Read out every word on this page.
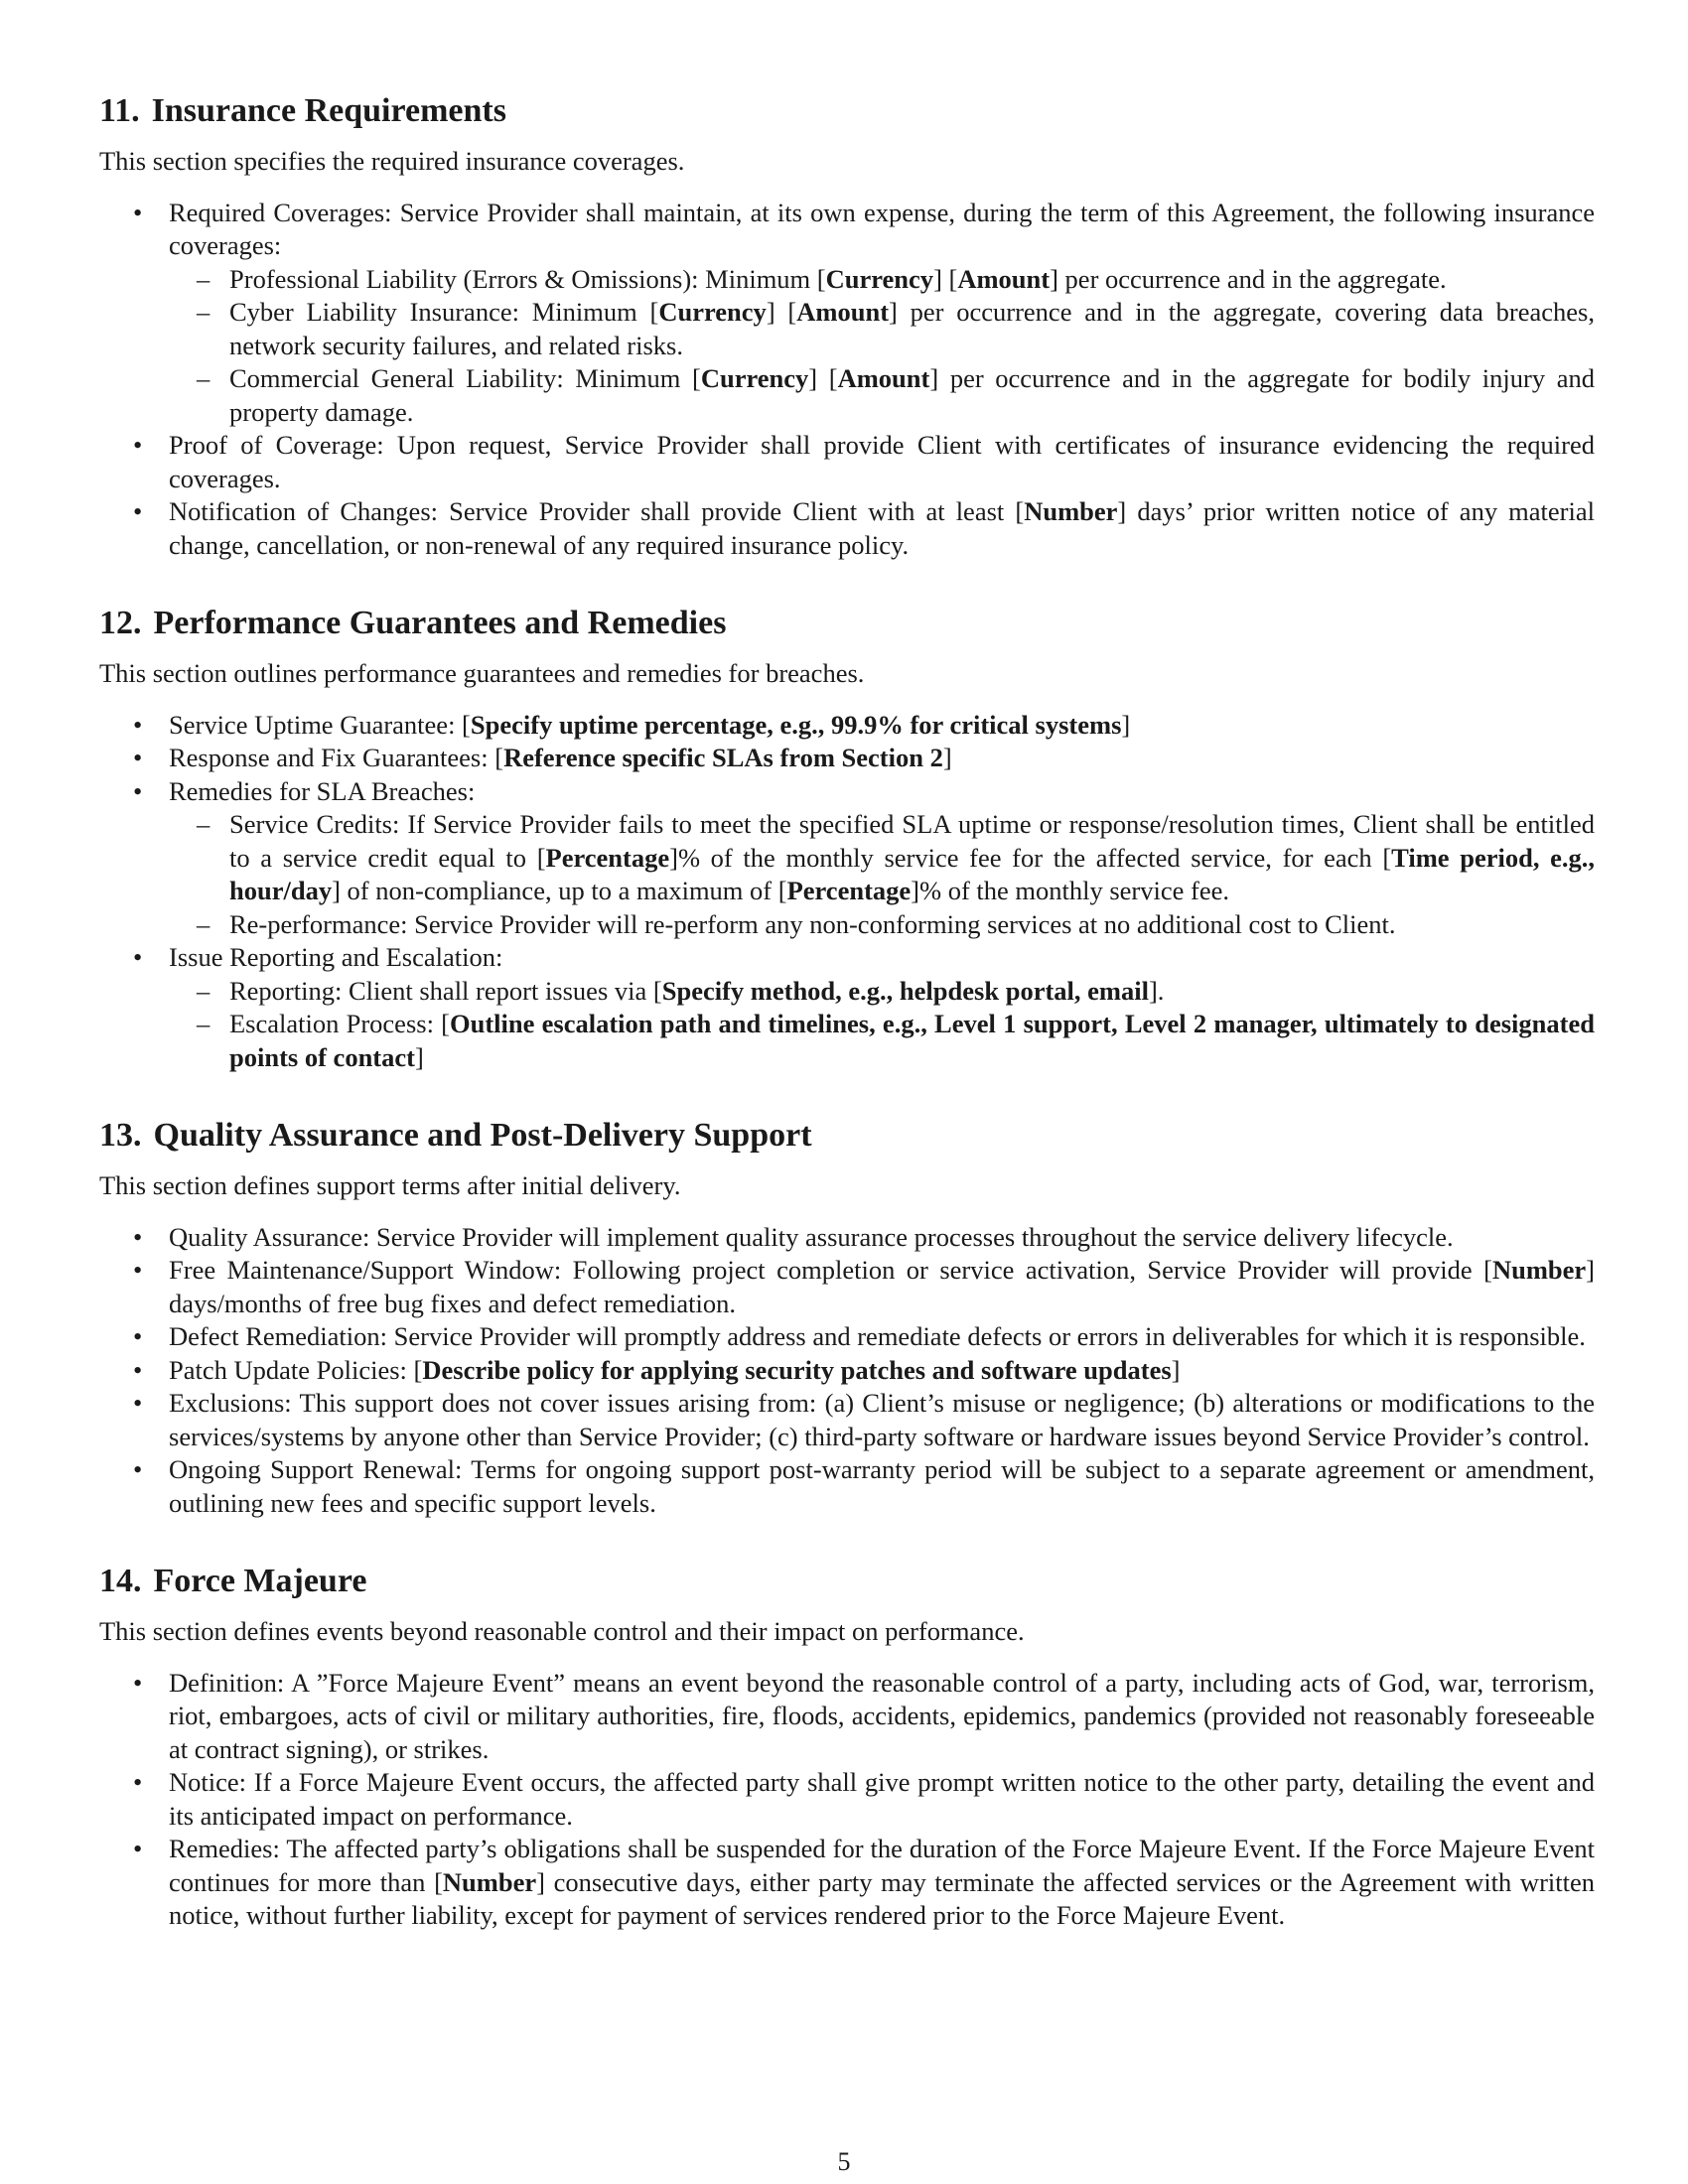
11. Insurance Requirements

This section specifies the required insurance coverages.

• Required Coverages: Service Provider shall maintain, at its own expense, during the term of this Agreement, the following insurance coverages:
– Professional Liability (Errors & Omissions): Minimum [Currency] [Amount] per occurrence and in the aggregate.
– Cyber Liability Insurance: Minimum [Currency] [Amount] per occurrence and in the aggregate, covering data breaches, network security failures, and related risks.
– Commercial General Liability: Minimum [Currency] [Amount] per occurrence and in the aggregate for bodily injury and property damage.
• Proof of Coverage: Upon request, Service Provider shall provide Client with certificates of insurance evidencing the required coverages.
• Notification of Changes: Service Provider shall provide Client with at least [Number] days’ prior written notice of any material change, cancellation, or non-renewal of any required insurance policy.
12. Performance Guarantees and Remedies

This section outlines performance guarantees and remedies for breaches.

• Service Uptime Guarantee: [Specify uptime percentage, e.g., 99.9% for critical systems]
• Response and Fix Guarantees: [Reference specific SLAs from Section 2]
• Remedies for SLA Breaches:
– Service Credits: If Service Provider fails to meet the specified SLA uptime or response/resolution times, Client shall be entitled to a service credit equal to [Percentage]% of the monthly service fee for the affected service, for each [Time period, e.g., hour/day] of non-compliance, up to a maximum of [Percentage]% of the monthly service fee.
– Re-performance: Service Provider will re-perform any non-conforming services at no additional cost to Client.
• Issue Reporting and Escalation:
– Reporting: Client shall report issues via [Specify method, e.g., helpdesk portal, email].
– Escalation Process: [Outline escalation path and timelines, e.g., Level 1 support, Level 2 manager, ultimately to designated points of contact]
13. Quality Assurance and Post-Delivery Support

This section defines support terms after initial delivery.

• Quality Assurance: Service Provider will implement quality assurance processes throughout the service delivery lifecycle.
• Free Maintenance/Support Window: Following project completion or service activation, Service Provider will provide [Number] days/months of free bug fixes and defect remediation.
• Defect Remediation: Service Provider will promptly address and remediate defects or errors in deliverables for which it is responsible.
• Patch Update Policies: [Describe policy for applying security patches and software updates]
• Exclusions: This support does not cover issues arising from: (a) Client’s misuse or negligence; (b) alterations or modifications to the services/systems by anyone other than Service Provider; (c) third-party software or hardware issues beyond Service Provider’s control.
• Ongoing Support Renewal: Terms for ongoing support post-warranty period will be subject to a separate agreement or amendment, outlining new fees and specific support levels.
14. Force Majeure

This section defines events beyond reasonable control and their impact on performance.

• Definition: A ”Force Majeure Event” means an event beyond the reasonable control of a party, including acts of God, war, terrorism, riot, embargoes, acts of civil or military authorities, fire, floods, accidents, epidemics, pandemics (provided not reasonably foreseeable at contract signing), or strikes.
• Notice: If a Force Majeure Event occurs, the affected party shall give prompt written notice to the other party, detailing the event and its anticipated impact on performance.
• Remedies: The affected party’s obligations shall be suspended for the duration of the Force Majeure Event. If the Force Majeure Event continues for more than [Number] consecutive days, either party may terminate the affected services or the Agreement with written notice, without further liability, except for payment of services rendered prior to the Force Majeure Event.
5
